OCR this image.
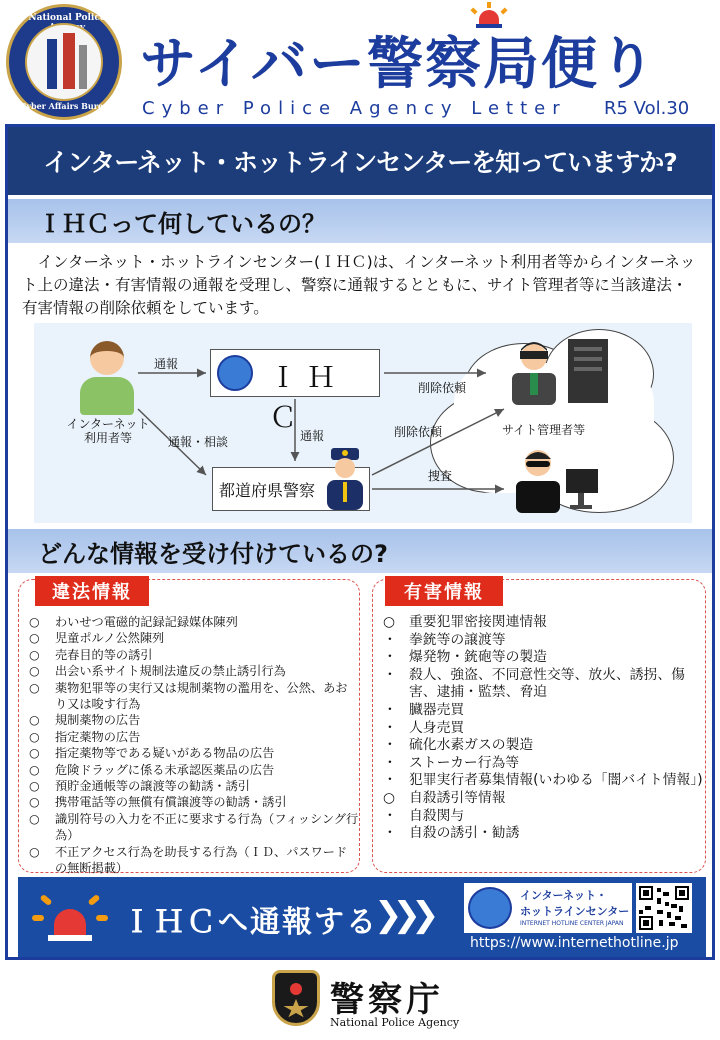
National Police
Cyber Affairs Bureau
サイバー警察局便り
Cyber Police Agency Letter R5 Vol.30
インターネット・ホットラインセンターを知っていますか?
ＩＨＣって何しているの？

インターネット・ホットラインセンター(ＩＨＣ)は、インターネット利用者等からインターネット上の違法・有害情報の通報を受理し、警察に通報するとともに、サイト管理者等に当該違法・有害情報の削除依頼をしています。

インターネット
利用者等
通報
通報・相談	通報
削除依頼
削除依頼
捜査
ＩＨＣ
都道府県警察
サイト管理者等
どんな情報を受け付けているの?
違法情報
○ わいせつ電磁的記録記録媒体陳列
○ 児童ポルノ公然陳列
○ 売春目的等の誘引
○ 出会い系サイト規制法違反の禁止誘引行為
○ 薬物犯罪等の実行又は規制薬物の濫用を、公然、あおり又は唆す行為
○ 規制薬物の広告
○ 指定薬物の広告
○ 指定薬物等である疑いがある物品の広告
○ 危険ドラッグに係る未承認医薬品の広告
○ 預貯金通帳等の譲渡等の勧誘・誘引
○ 携帯電話等の無償有償譲渡等の勧誘・誘引
○ 識別符号の入力を不正に要求する行為（フィッシング行為）
○ 不正アクセス行為を助長する行為（ＩＤ、パスワードの無断掲載）
有害情報
○ 重要犯罪密接関連情報
・ 拳銃等の譲渡等
・ 爆発物・銃砲等の製造
・ 殺人、強盗、不同意性交等、放火、誘拐、傷害、逮捕・監禁、脅迫
・ 臓器売買
・ 人身売買
・ 硫化水素ガスの製造
・ ストーカー行為等
・ 犯罪実行者募集情報(いわゆる「闇バイト情報」)
○ 自殺誘引等情報
・ 自殺関与
・ 自殺の誘引・勧誘
ＩＨＣへ通報する
❯❯❯	インターネット・
ホットラインセンター
INTERNET HOTLINE CENTER JAPAN
https://www.internethotline.jp
警察庁
National Police Agency
